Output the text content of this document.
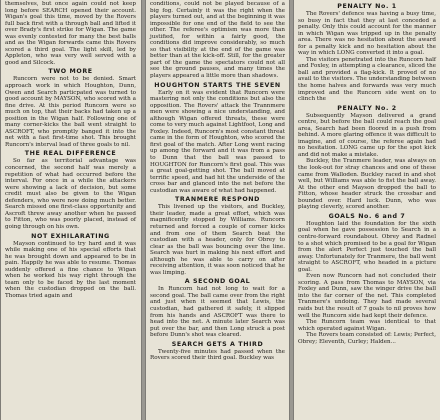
themselves, but once again could not keep long before SEARCH opened their account. Wigan's goal this time, moved by the Rovers full back first with a through ball and lifted it over Brady's first strike for Wigan. The game was evenly contested for many the best balls and as the Wigan forwards came this Rovers scored a third goal. The light skill, led by Appleton, who was very well served with a good and Silcock.

TWO MORE

Runcorn were not to be denied. Smart approach work in which Houghton, Dunn, Owen and Search particpated was turned to good account by MAYSON, who scored with a fine drive. At this period Runcorn were so much on top, that their backs had taken up a position in the Wigan half. Following one of many corner-kicks the ball went straight to ASCROFT, who promptly banged it into the net with a fast first-time shot. This brought Runcorn's interval lead of three goals to nil.

THE REAL DIFFERENCE

So far as territorial advantage was concerned, the second half was merely a repetition of what had occurred before the interval. For once in a while the attackers were showing a lack of decision, but some credit must also be given to the Wigan defenders, who were now doing much better. Search missed one first-class opportunity and Ascroft threw away another when he passed to Fitton, who was poorly placed, instead of going through on his own.

NOT EXHILARATING

Mayson continued to try hard and it was while making one of his special efforts that he was brought down and appeared to be in pain. Happily he was able to resume. Thomas suddenly offered a fine chance to Wigan when he worked his way right through the team only to be faced by the last moment when the custodian dropped on the ball. Thomas tried again and

conditions, could not be played because of a big fog. Certainly it was the right when the players turned out, and at the beginning it was impossible for one end of the field to see the other. The referee's optimism was more than justified, for within a fairly good, the conditions did improve considerably, so much so that visibility at the end of the game was better than at the kick-off. Still, for the greater part of the game the spectators could not all see the ground pauses, and many times the players appeared a little more than shadows.

HOUGHTON STARTS THE SEVEN

Early on it was evident that Runcorn were mastering not only the conditions but also the opposition. The Rovers' attack the Trannmere men were showing a nice understanding, and although Wigan offered threats, these were come to very much against Lightfoot, Long and Foxley. Indeed, Runcorn's most constant threat came in the form of Houghton, who scored the first goal of the match. After Long went racing up among the forward and it was from a pass to Dunn that the ball was passed to HOUGHTON for Runcorn's first goal. This was a great goal-getting shot. The ball moved at terrific speed, and had hit the underside of the cross bar and glanced into the net before the custodian was aware of what had happened.

TRANMERE RESPOND

This livened up the visitors, and Buckley, their leader, made a great effort, which was magnificently stopped by Williams. Runcorn returned and forced a couple of corner kicks and from one of them Search beat the custodian with a header, only for Obrey to clear as the ball was bouncing over the line. Search was hurt in making his next effort and although he was able to carry on after receiving attention, it was soon noticed that he was limping.

A SECOND GOAL

In Runcorn had not long to wait for a second goal. The ball came over from the right and just when it seemed that Lewis, the custodian, had gathered it safely, it slipped from his hands and ASCROFT was there to head into the net. A minute later Search was put over the bar, and then Long struck a post before Dunn's shot was cleared.

SEARCH GETS A THIRD

Twenty-five minutes had passed when the Rovers scored their third goal. Buckley was

PENALTY No. 1

The Rovers' defence was having a busy time, so busy in fact that they at last conceded a penalty. Only this could account for the manner in which Wigan was tripped up in the penalty area. There was no hesitation about the award for a penalty kick and no hesitation about the way in which LONG converted it into a goal.

The visitors penetrated into the Runcorn half and Foxley, in attempting a clearance, sliced the ball and provided a flag-kick. It proved of no avail to the visitors. The understanding between the home halves and forwards was very much improved and the Runcorn side went on to clinch the

PENALTY No. 2

Subsequently Mayson delivered a grand centre, but before the ball could reach the goal area, Search had been floored in a push from behind. A more glaring offence it was difficult to imagine, and of course, the referee again had no hesitation. LONG came up for the spot kick and did not make a mistake.

Buckley, the Tranmere leader, was always on the look-out for stray chances and one of these came from Walloden. Buckley raced in and shot well, but Williams was able to fist the ball away. At the other end Mayson dropped the ball to Fitton, whose header struck the crossbar and bounded over. Hard luck. Dunn, who was playing cleverly, scored another.

GOALS No. 6 and 7

Houghton laid the foundation for the sixth goal when he gave possession to Search in a centre-forward roundabout. Obrey and Radnel to a shot which promised to be a goal for Wigan from the alert Perfect just touched the ball away. Unfortunately for Tranmere, the ball went straight to ASCROFT, who headed in a picture goal.

Even now Runcorn had not concluded their scoring. A pass from Thomas to MAYSON, via Foxley and Dunn, saw the winger drive the ball into the far corner of the net. This completed Tranmere's undoing. They had made several raids but the result of 7 goals to nil proves how well the Runcorn side had kept their defence.

The Runcorn team was identical to that which operated against Wigan.

The Rovers team consisted of: Lewis; Perfect, Obrey; Eleventh, Curley; Halden...
